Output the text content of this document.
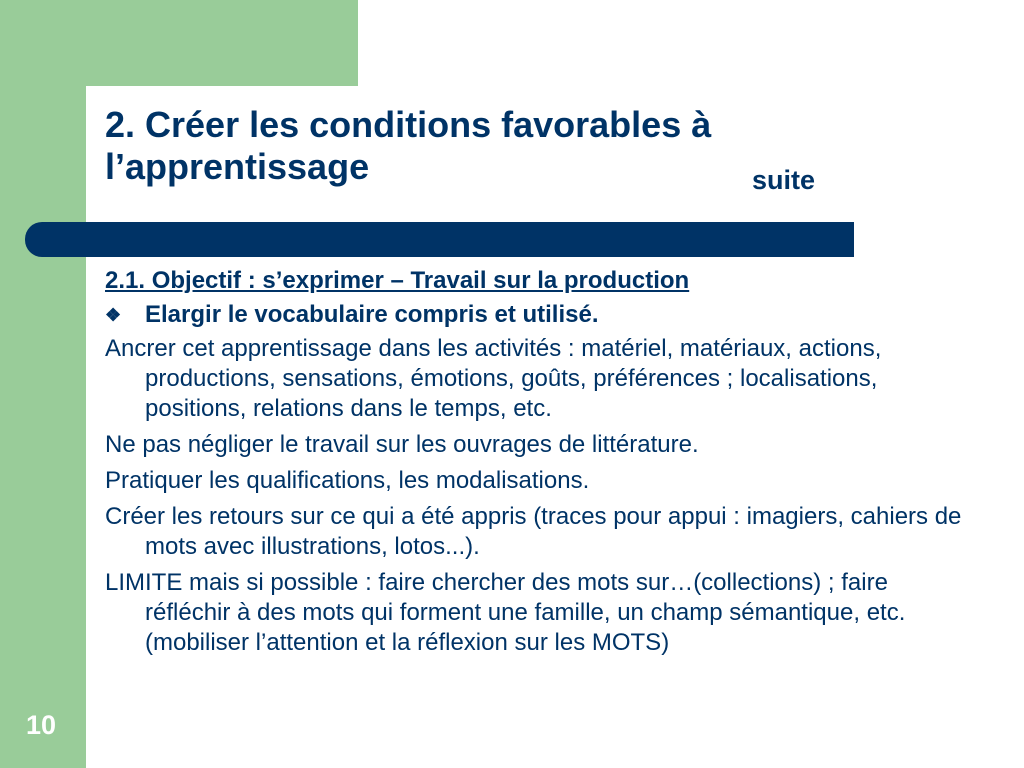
2. Créer les conditions favorables à
l’apprentissage	suite

2.1. Objectif : s’exprimer – Travail sur la production

❖ Elargir le vocabulaire compris et utilisé.

Ancrer cet apprentissage dans les activités : matériel, matériaux, actions, productions, sensations, émotions, goûts, préférences ; localisations, positions, relations dans le temps, etc.

Ne pas négliger le travail sur les ouvrages de littérature.

Pratiquer les qualifications, les modalisations.

Créer les retours sur ce qui a été appris (traces pour appui : imagiers, cahiers de mots avec illustrations, lotos...).

LIMITE mais si possible : faire chercher des mots sur…(collections) ; faire réfléchir à des mots qui forment une famille, un champ sémantique, etc. (mobiliser l’attention et la réflexion sur les MOTS)

10
